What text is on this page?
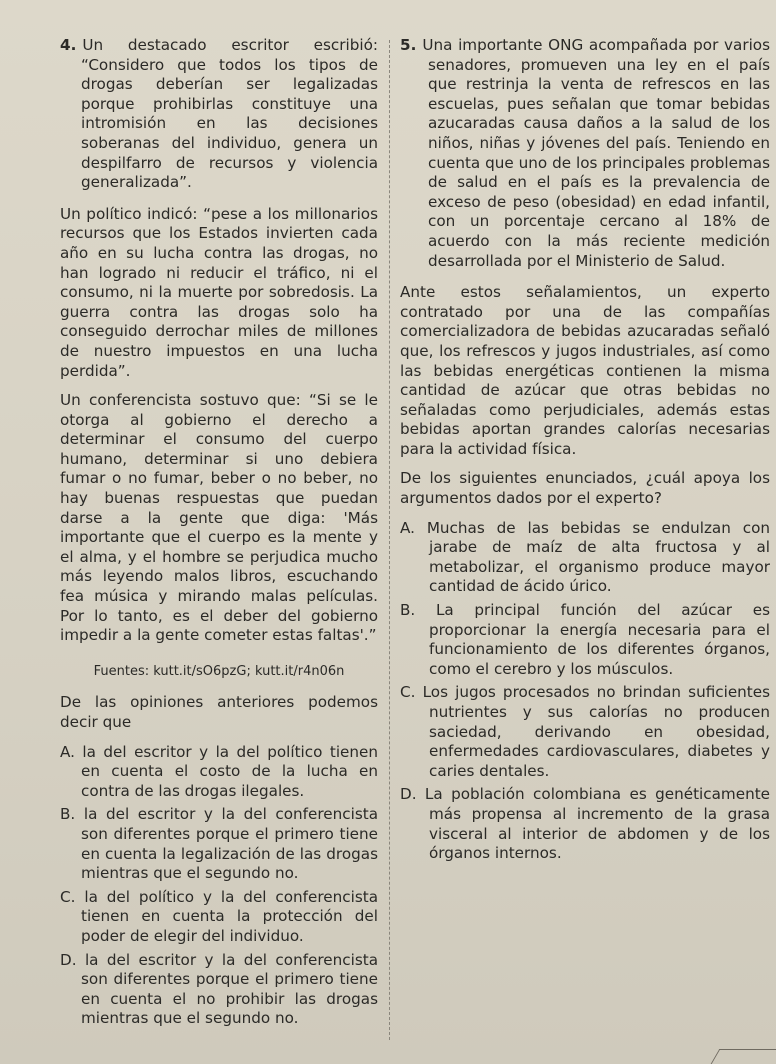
4. Un destacado escritor escribió: “Considero que todos los tipos de drogas deberían ser legalizadas porque prohibirlas constituye una intromisión en las decisiones soberanas del individuo, genera un despilfarro de recursos y violencia generalizada”.

Un político indicó: “pese a los millonarios recursos que los Estados invierten cada año en su lucha contra las drogas, no han logrado ni reducir el tráfico, ni el consumo, ni la muerte por sobredosis. La guerra contra las drogas solo ha conseguido derrochar miles de millones de nuestro impuestos en una lucha perdida”.

Un conferencista sostuvo que: “Si se le otorga al gobierno el derecho a determinar el consumo del cuerpo humano, determinar si uno debiera fumar o no fumar, beber o no beber, no hay buenas respuestas que puedan darse a la gente que diga: 'Más importante que el cuerpo es la mente y el alma, y el hombre se perjudica mucho más leyendo malos libros, escuchando fea música y mirando malas películas. Por lo tanto, es el deber del gobierno impedir a la gente cometer estas faltas'.”

Fuentes: kutt.it/sO6pzG; kutt.it/r4n06n

De las opiniones anteriores podemos decir que

A. la del escritor y la del político tienen en cuenta el costo de la lucha en contra de las drogas ilegales.
B. la del escritor y la del conferencista son diferentes porque el primero tiene en cuenta la legalización de las drogas mientras que el segundo no.
C. la del político y la del conferencista tienen en cuenta la protección del poder de elegir del individuo.
D. la del escritor y la del conferencista son diferentes porque el primero tiene en cuenta el no prohibir las drogas mientras que el segundo no.
5. Una importante ONG acompañada por varios senadores, promueven una ley en el país que restrinja la venta de refrescos en las escuelas, pues señalan que tomar bebidas azucaradas causa daños a la salud de los niños, niñas y jóvenes del país. Teniendo en cuenta que uno de los principales problemas de salud en el país es la prevalencia de exceso de peso (obesidad) en edad infantil, con un porcentaje cercano al 18% de acuerdo con la más reciente medición desarrollada por el Ministerio de Salud.

Ante estos señalamientos, un experto contratado por una de las compañías comercializadora de bebidas azucaradas señaló que, los refrescos y jugos industriales, así como las bebidas energéticas contienen la misma cantidad de azúcar que otras bebidas no señaladas como perjudiciales, además estas bebidas aportan grandes calorías necesarias para la actividad física.

De los siguientes enunciados, ¿cuál apoya los argumentos dados por el experto?

A. Muchas de las bebidas se endulzan con jarabe de maíz de alta fructosa y al metabolizar, el organismo produce mayor cantidad de ácido úrico.
B. La principal función del azúcar es proporcionar la energía necesaria para el funcionamiento de los diferentes órganos, como el cerebro y los músculos.
C. Los jugos procesados no brindan suficientes nutrientes y sus calorías no producen saciedad, derivando en obesidad, enfermedades cardiovasculares, diabetes y caries dentales.
D. La población colombiana es genéticamente más propensa al incremento de la grasa visceral al interior de abdomen y de los órganos internos.
